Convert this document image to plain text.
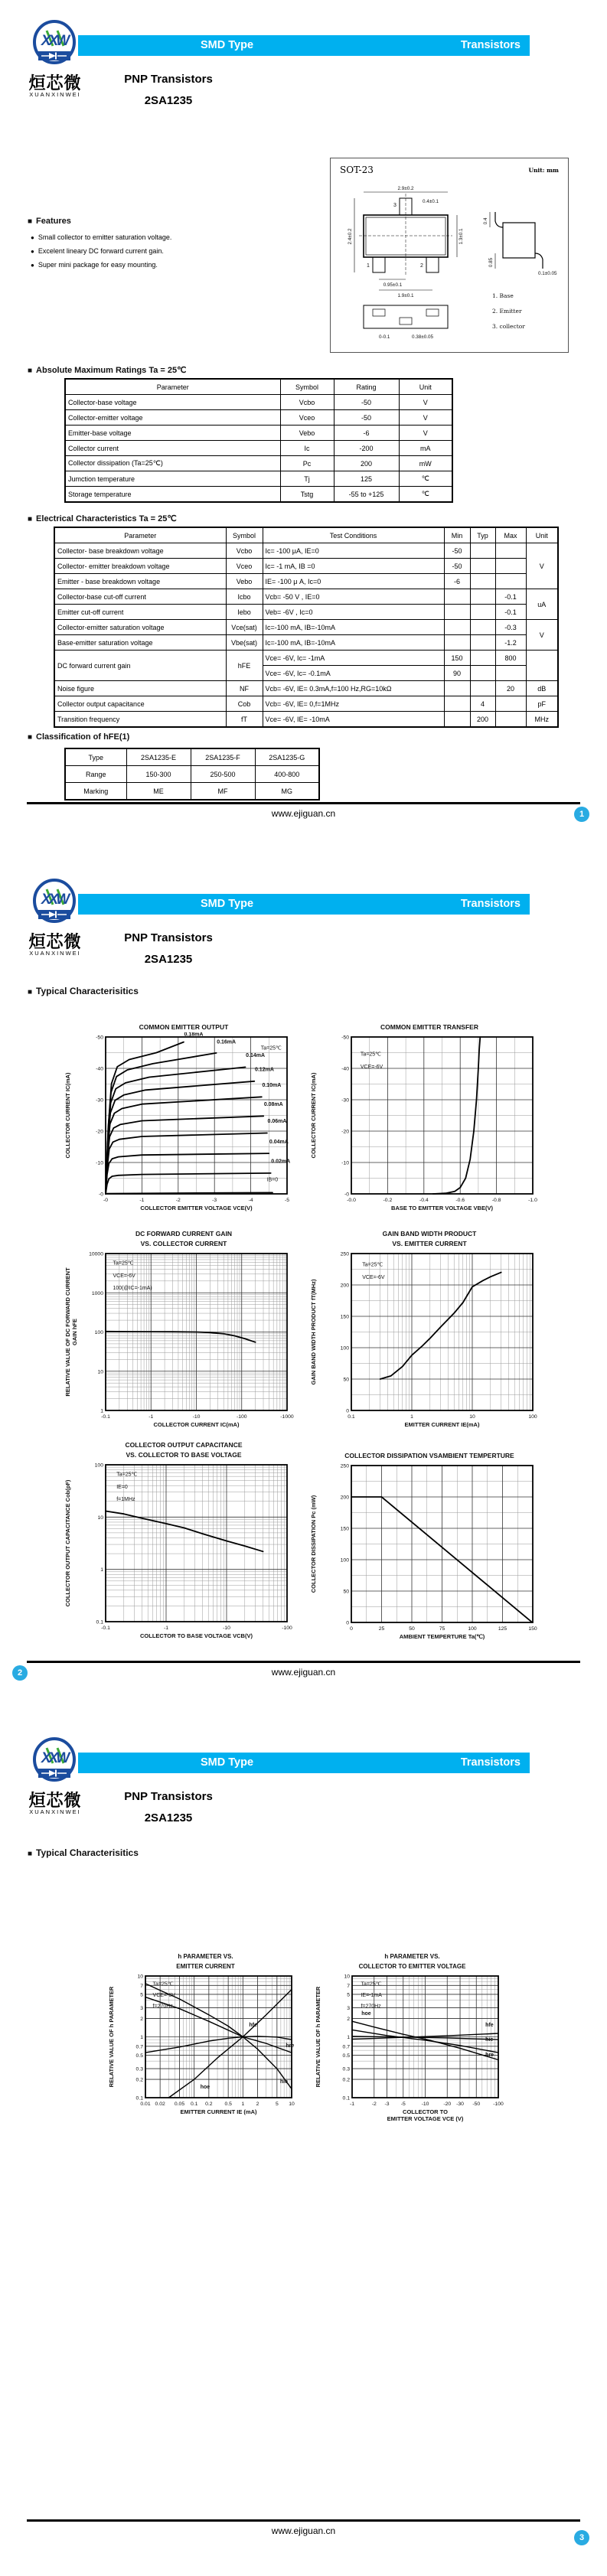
XXW
烜芯微
XUANXINWEI
SMD Type	Transistors
PNP Transistors
2SA1235
■ Features
● Small collector to emitter saturation voltage.
● Excelent lineary DC forward current gain.
● Super mini package for easy mounting.
SOT-23	Unit: mm
3
1	2
2.9±0.2
0.4±0.1
2.4±0.2	1.3±0.1
0.95±0.1
1.9±0.1
0.4
0.85
0.1±0.05
0-0.1	0.38±0.05
1. Base
2. Emitter
3. collector
■ Absolute Maximum Ratings Ta = 25℃
Parameter	Symbol	Rating	Unit
Collector-base voltage	Vcbo	-50	V
Collector-emitter voltage	Vceo	-50	V
Emitter-base voltage	Vebo	-6	V
Collector current	Ic	-200	mA
Collector dissipation (Ta=25℃)	Pc	200	mW
Jumction temperature	Tj	125	℃
Storage temperature	Tstg	-55 to +125	℃
■ Electrical Characteristics Ta = 25℃
Parameter	Symbol	Test Conditions	Min	Typ	Max	Unit
Collector- base breakdown voltage	Vcbo	Ic= -100 μA, IE=0	-50			V
Collector- emitter breakdown voltage	Vceo	Ic= -1 mA, IB =0	-50			
Emitter - base breakdown voltage	Vebo	IE= -100 μ A, Ic=0	-6			
Collector-base cut-off current	Icbo	Vcb= -50 V , IE=0			-0.1	uA
Emitter cut-off current	Iebo	Veb= -6V , Ic=0			-0.1	
Collector-emitter saturation voltage	Vce(sat)	Ic=-100 mA, IB=-10mA			-0.3	V
Base-emitter saturation voltage	Vbe(sat)	Ic=-100 mA, IB=-10mA			-1.2	
DC forward current gain	hFE	Vce= -6V, Ic= -1mA	150		800	
		Vce= -6V, Ic= -0.1mA	90			
Noise figure	NF	Vcb= -6V, IE= 0.3mA,f=100 Hz,RG=10kΩ			20	dB
Collector output capacitance	Cob	Vcb= -6V, IE= 0,f=1MHz		4		pF
Transition frequency	fT	Vce= -6V, IE= -10mA		200		MHz
■ Classification of hFE(1)
Type	2SA1235-E	2SA1235-F	2SA1235-G
Range	150-300	250-500	400-800
Marking	ME	MF	MG
www.ejiguan.cn	1
XXW
烜芯微
XUANXINWEI
SMD Type	Transistors
PNP Transistors
2SA1235
■ Typical Characterisitics
COMMON EMITTER OUTPUT
-0	-1	-2	-3	-4	-5
-0
-10
-20
-30
-40
-50
0.18mA
0.16mA
0.14mA
0.12mA
0.10mA
0.08mA
0.06mA
0.04mA
0.02mA
Ta=25℃
IB=0
COLLECTOR EMITTER VOLTAGE VCE(V)
COLLECTOR CURRENT IC(mA)
COMMON EMITTER TRANSFER
-0.0	-0.2	-0.4	-0.6	-0.8	-1.0
-0
-10
-20
-30
-40
-50
Ta=25℃
VCE=-6V
BASE TO EMITTER VOLTAGE VBE(V)
COLLECTOR CURRENT IC(mA)
DC FORWARD CURRENT GAIN
VS. COLLECTOR CURRENT
-0.1	-1	-10	-100	-1000
1
10
100
1000
10000
Ta=25℃
VCE=-6V
100(@IC=-1mA)
COLLECTOR CURRENT IC(mA)
RELATIVE VALUE OF DC FORWARD CURRENT GAIN hFE
GAIN BAND WIDTH PRODUCT
VS. EMITTER CURRENT
0.1	1	10	100
0
50
100
150
200
250
Ta=25℃
VCE=-6V
EMITTER CURRENT IE(mA)
GAIN BAND WIDTH PRODUCT fT(MHz)
COLLECTOR OUTPUT CAPACITANCE
VS. COLLECTOR TO BASE VOLTAGE
-0.1	-1	-10	-100
0.1
1
10
100
Ta=25℃
IE=0
f=1MHz
COLLECTOR TO BASE VOLTAGE VCB(V)
COLLECTOR OUTPUT CAPACITANCE Cob(pF)
COLLECTOR DISSIPATION VSAMBIENT TEMPERTURE
0	25	50	75	100	125	150
0
50
100
150
200
250
AMBIENT TEMPERTURE Ta(℃)
COLLECTOR DISSIPATION Pc (mW)
www.ejiguan.cn
2
XXW
烜芯微
XUANXINWEI
SMD Type	Transistors
PNP Transistors
2SA1235
■ Typical Characterisitics
h PARAMETER VS.
EMITTER CURRENT
0.01 0.02 0.05 0.1 0.2 0.5 1 2	5 10
0.1
0.2
0.3
0.5
0.7
1
2
3
5
7
10
hie
hre
hfe
hoe
Ta=25℃
VCE=-6V
f=270Hz
EMITTER CURRENT IE (mA)
RELATIVE VALUE OF h PARAMETER
h PARAMETER VS.
COLLECTOR TO EMITTER VOLTAGE
-1	-2 -3 -5	-10	-20 -30 -50	-100
0.1
0.2
0.3
0.5
0.7
1
2
3
5
7
10
hoe
hre
hie
hfe
Ta=25℃
IE=-1mA
f=270Hz
COLLECTOR TO
EMITTER VOLTAGE VCE (V)
RELATIVE VALUE OF h PARAMETER
www.ejiguan.cn
3
